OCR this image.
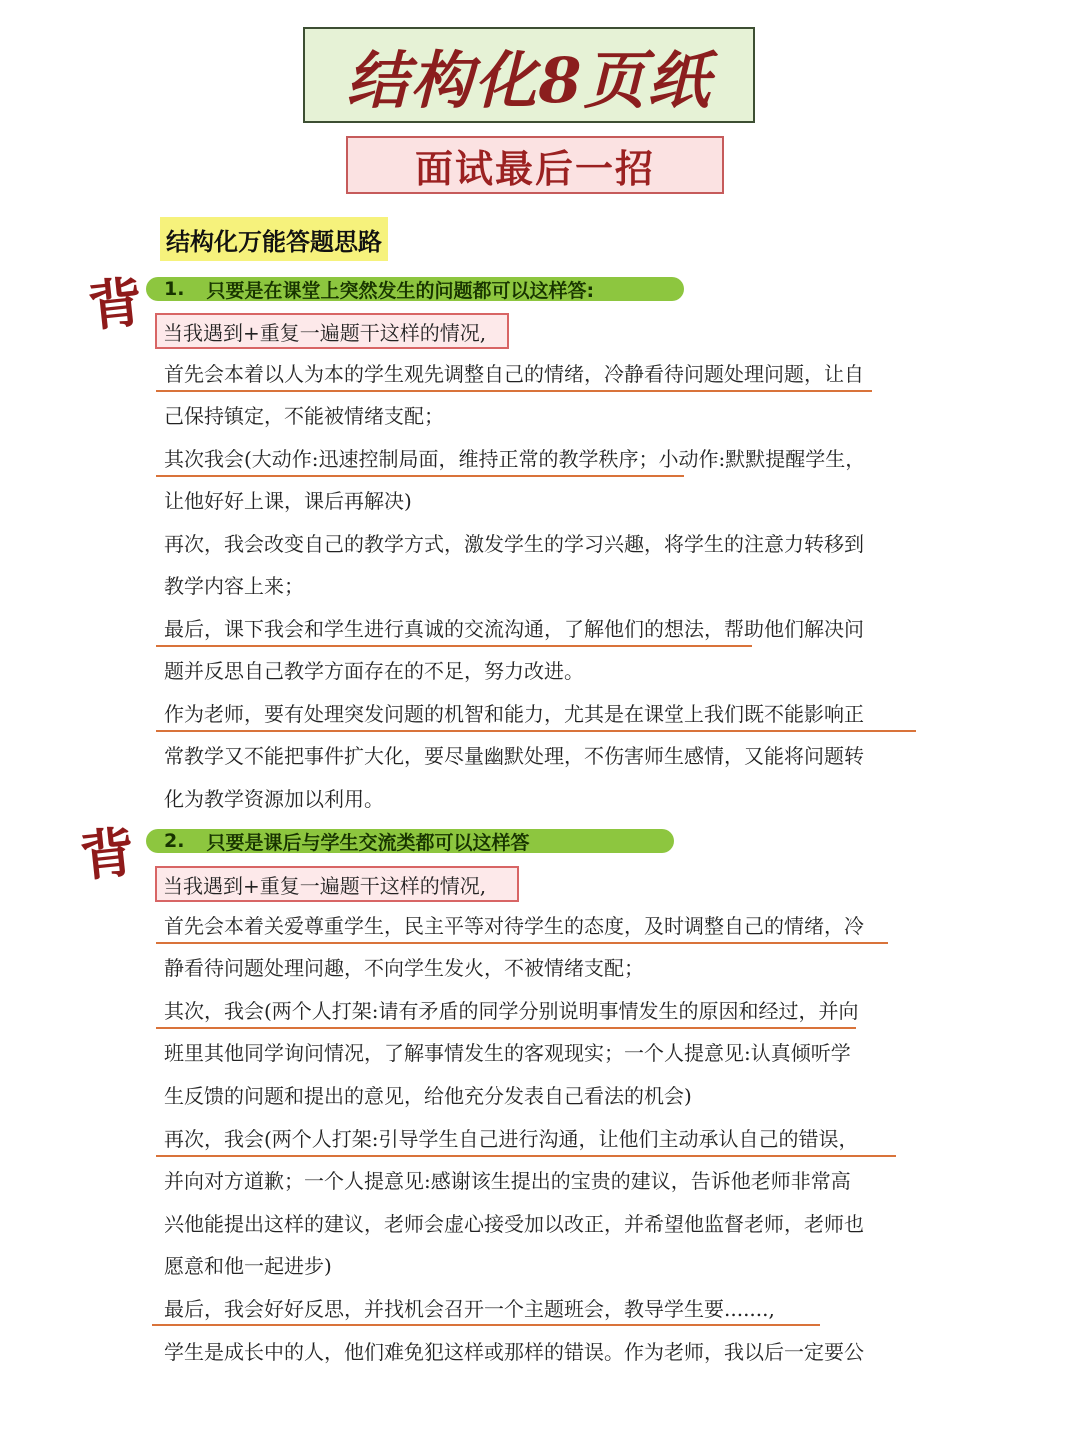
结构化8页纸
面试最后一招
结构化万能答题思路
背 1. 只要是在课堂上突然发生的问题都可以这样答:
当我遇到+重复一遍题干这样的情况,
首先会本着以人为本的学生观先调整自己的情绪，冷静看待问题处理问题，让自
己保持镇定，不能被情绪支配；
其次我会(大动作:迅速控制局面，维持正常的教学秩序；小动作:默默提醒学生，
让他好好上课，课后再解决)
再次，我会改变自己的教学方式，激发学生的学习兴趣，将学生的注意力转移到
教学内容上来；
最后，课下我会和学生进行真诚的交流沟通，了解他们的想法，帮助他们解决问
题并反思自己教学方面存在的不足，努力改进。
作为老师，要有处理突发问题的机智和能力，尤其是在课堂上我们既不能影响正
常教学又不能把事件扩大化，要尽量幽默处理，不伤害师生感情，又能将问题转
化为教学资源加以利用。
背 2. 只要是课后与学生交流类都可以这样答
当我遇到+重复一遍题干这样的情况,
首先会本着关爱尊重学生，民主平等对待学生的态度，及时调整自己的情绪，冷
静看待问题处理问趣，不向学生发火，不被情绪支配；
其次，我会(两个人打架:请有矛盾的同学分别说明事情发生的原因和经过，并向
班里其他同学询问情况，了解事情发生的客观现实；一个人提意见:认真倾听学
生反馈的问题和提出的意见，给他充分发表自己看法的机会)
再次，我会(两个人打架:引导学生自己进行沟通，让他们主动承认自己的错误，
并向对方道歉；一个人提意见:感谢该生提出的宝贵的建议，告诉他老师非常高
兴他能提出这样的建议，老师会虚心接受加以改正，并希望他监督老师，老师也
愿意和他一起进步)
最后，我会好好反思，并找机会召开一个主题班会，教导学生要.......,
学生是成长中的人，他们难免犯这样或那样的错误。作为老师，我以后一定要公
